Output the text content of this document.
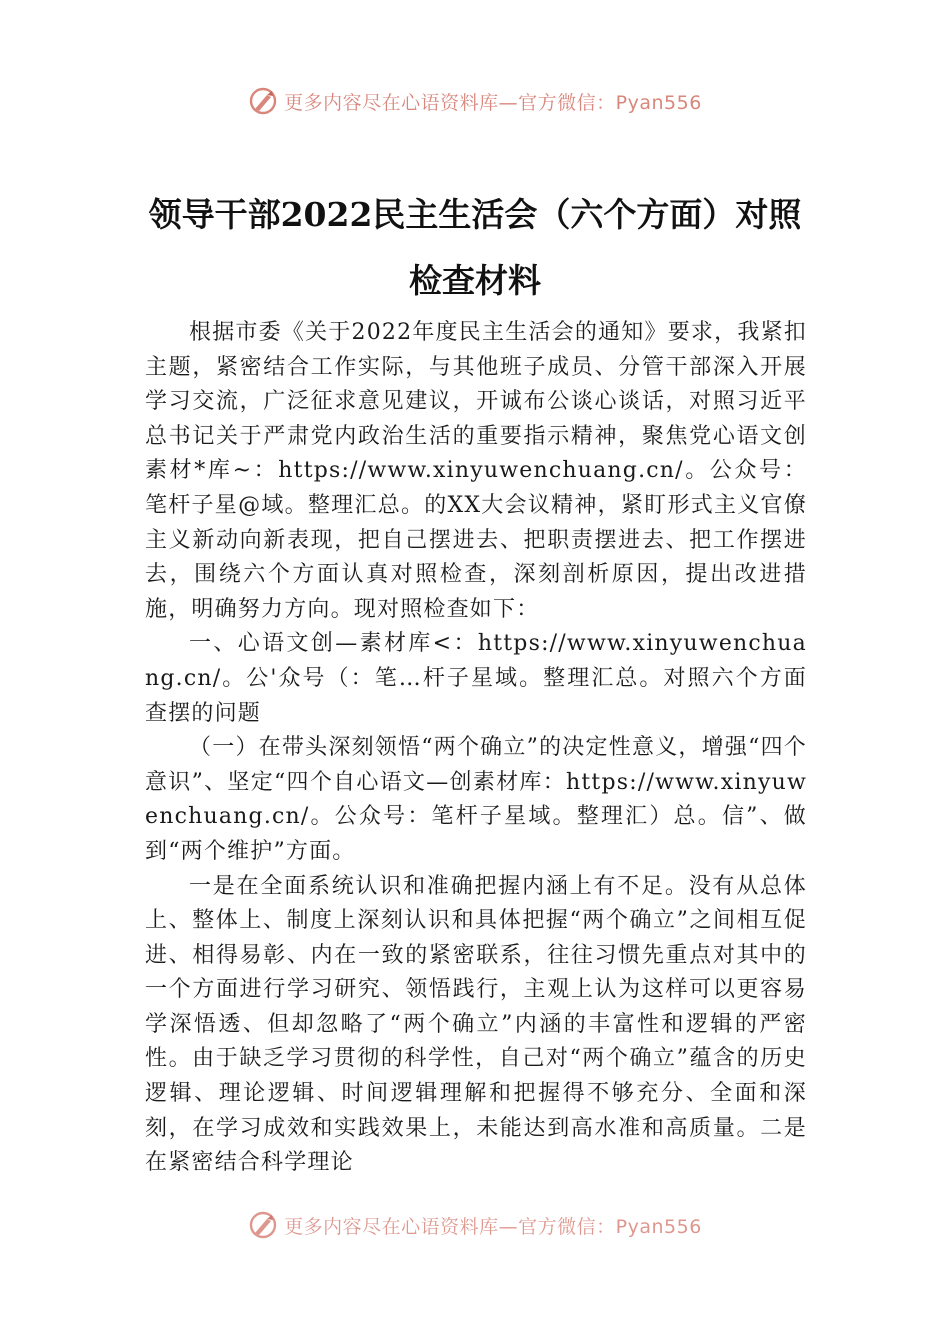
更多内容尽在心语资料库—官方微信：Pyan556
领导干部2022民主生活会（六个方面）对照检查材料

根据市委《关于2022年度民主生活会的通知》要求，我紧扣主题，紧密结合工作实际，与其他班子成员、分管干部深入开展学习交流，广泛征求意见建议，开诚布公谈心谈话，对照习近平总书记关于严肃党内政治生活的重要指示精神，聚焦党心语文创素材*库~：https://www.xinyuwenchuang.cn/。公众号：笔杆子星@域。整理汇总。的XX大会议精神，紧盯形式主义官僚主义新动向新表现，把自己摆进去、把职责摆进去、把工作摆进去，围绕六个方面认真对照检查，深刻剖析原因，提出改进措施，明确努力方向。现对照检查如下：

一、心语文创—素材库<：https://www.xinyuwenchuang.cn/。公'众号（：笔…杆子星域。整理汇总。对照六个方面查摆的问题

（一）在带头深刻领悟“两个确立”的决定性意义，增强“四个意识”、坚定“四个自心语文—创素材库：https://www.xinyuwenchuang.cn/。公众号：笔杆子星域。整理汇）总。信”、做到“两个维护”方面。

一是在全面系统认识和准确把握内涵上有不足。没有从总体上、整体上、制度上深刻认识和具体把握“两个确立”之间相互促进、相得易彰、内在一致的紧密联系，往往习惯先重点对其中的一个方面进行学习研究、领悟践行，主观上认为这样可以更容易学深悟透、但却忽略了“两个确立”内涵的丰富性和逻辑的严密性。由于缺乏学习贯彻的科学性，自己对“两个确立”蕴含的历史逻辑、理论逻辑、时间逻辑理解和把握得不够充分、全面和深刻，在学习成效和实践效果上，未能达到高水准和高质量。二是在紧密结合科学理论

更多内容尽在心语资料库—官方微信：Pyan556
